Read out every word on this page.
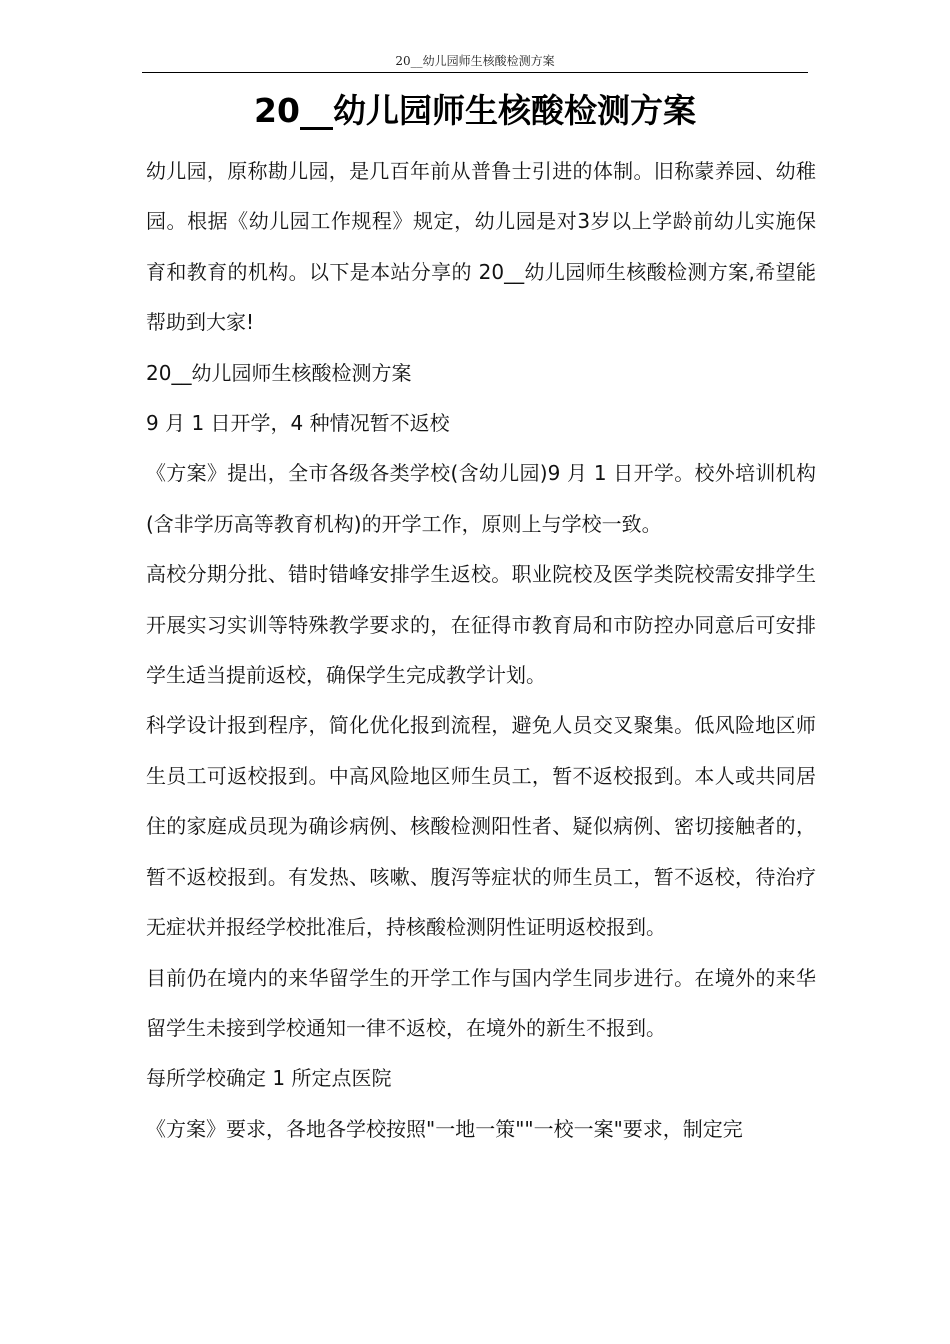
20__幼儿园师生核酸检测方案
20__幼儿园师生核酸检测方案

幼儿园，原称勘儿园，是几百年前从普鲁士引进的体制。旧称蒙养园、幼稚园。根据《幼儿园工作规程》规定，幼儿园是对3岁以上学龄前幼儿实施保育和教育的机构。以下是本站分享的 20__幼儿园师生核酸检测方案,希望能帮助到大家!

20__幼儿园师生核酸检测方案

9 月 1 日开学，4 种情况暂不返校

《方案》提出，全市各级各类学校(含幼儿园)9 月 1 日开学。校外培训机构(含非学历高等教育机构)的开学工作，原则上与学校一致。

高校分期分批、错时错峰安排学生返校。职业院校及医学类院校需安排学生开展实习实训等特殊教学要求的，在征得市教育局和市防控办同意后可安排学生适当提前返校，确保学生完成教学计划。

科学设计报到程序，简化优化报到流程，避免人员交叉聚集。低风险地区师生员工可返校报到。中高风险地区师生员工，暂不返校报到。本人或共同居住的家庭成员现为确诊病例、核酸检测阳性者、疑似病例、密切接触者的，暂不返校报到。有发热、咳嗽、腹泻等症状的师生员工，暂不返校，待治疗无症状并报经学校批准后，持核酸检测阴性证明返校报到。

目前仍在境内的来华留学生的开学工作与国内学生同步进行。在境外的来华留学生未接到学校通知一律不返校，在境外的新生不报到。

每所学校确定 1 所定点医院

《方案》要求，各地各学校按照"一地一策""一校一案"要求，制定完
